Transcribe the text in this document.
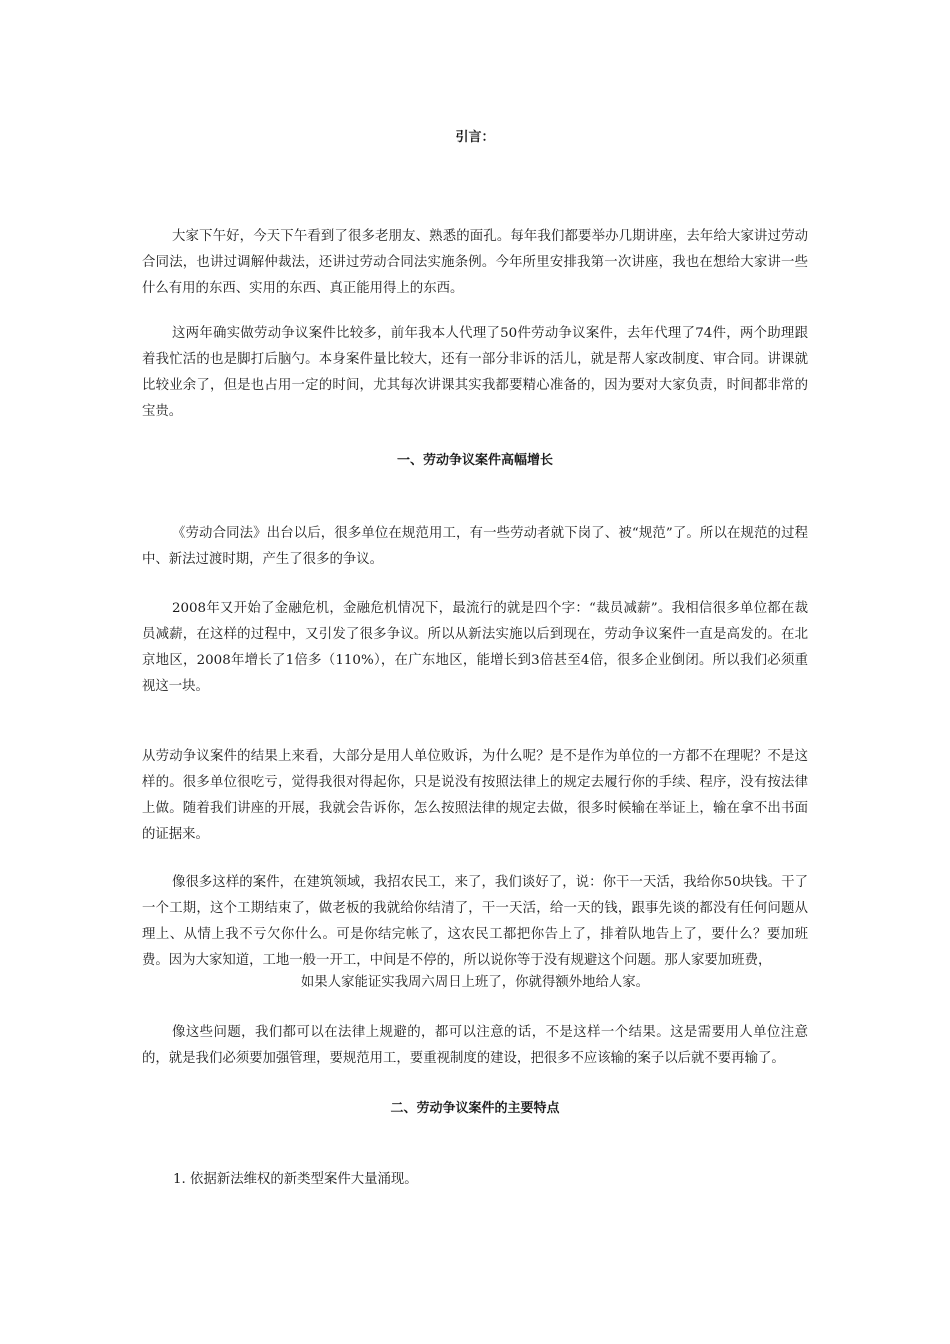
引言：

大家下午好，今天下午看到了很多老朋友、熟悉的面孔。每年我们都要举办几期讲座，去年给大家讲过劳动合同法，也讲过调解仲裁法，还讲过劳动合同法实施条例。今年所里安排我第一次讲座，我也在想给大家讲一些什么有用的东西、实用的东西、真正能用得上的东西。

这两年确实做劳动争议案件比较多，前年我本人代理了50件劳动争议案件，去年代理了74件，两个助理跟着我忙活的也是脚打后脑勺。本身案件量比较大，还有一部分非诉的活儿，就是帮人家改制度、审合同。讲课就比较业余了，但是也占用一定的时间，尤其每次讲课其实我都要精心准备的，因为要对大家负责，时间都非常的宝贵。

一、劳动争议案件高幅增长

《劳动合同法》出台以后，很多单位在规范用工，有一些劳动者就下岗了、被“规范”了。所以在规范的过程中、新法过渡时期，产生了很多的争议。

2008年又开始了金融危机，金融危机情况下，最流行的就是四个字：“裁员减薪”。我相信很多单位都在裁员减薪，在这样的过程中，又引发了很多争议。所以从新法实施以后到现在，劳动争议案件一直是高发的。在北京地区，2008年增长了1倍多（110%），在广东地区，能增长到3倍甚至4倍，很多企业倒闭。所以我们必须重视这一块。

从劳动争议案件的结果上来看，大部分是用人单位败诉，为什么呢？是不是作为单位的一方都不在理呢？不是这样的。很多单位很吃亏，觉得我很对得起你，只是说没有按照法律上的规定去履行你的手续、程序，没有按法律上做。随着我们讲座的开展，我就会告诉你，怎么按照法律的规定去做，很多时候输在举证上，输在拿不出书面的证据来。

像很多这样的案件，在建筑领域，我招农民工，来了，我们谈好了，说：你干一天活，我给你50块钱。干了一个工期，这个工期结束了，做老板的我就给你结清了，干一天活，给一天的钱，跟事先谈的都没有任何问题从理上、从情上我不亏欠你什么。可是你结完帐了，这农民工都把你告上了，排着队地告上了，要什么？要加班费。因为大家知道，工地一般一开工，中间是不停的，所以说你等于没有规避这个问题。那人家要加班费，

如果人家能证实我周六周日上班了，你就得额外地给人家。

像这些问题，我们都可以在法律上规避的，都可以注意的话，不是这样一个结果。这是需要用人单位注意的，就是我们必须要加强管理，要规范用工，要重视制度的建设，把很多不应该输的案子以后就不要再输了。

二、劳动争议案件的主要特点

1. 依据新法维权的新类型案件大量涌现。
